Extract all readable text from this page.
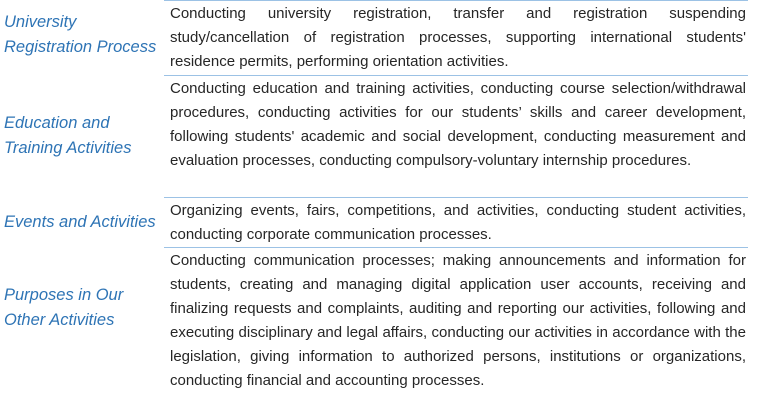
University Registration Process

Conducting university registration, transfer and registration suspending study/cancellation of registration processes, supporting international students' residence permits, performing orientation activities.

Education and Training Activities

Conducting education and training activities, conducting course selection/withdrawal procedures, conducting activities for our students’ skills and career development, following students' academic and social development, conducting measurement and evaluation processes, conducting compulsory-voluntary internship procedures.

Events and Activities

Organizing events, fairs, competitions, and activities, conducting student activities, conducting corporate communication processes.

Purposes in Our Other Activities

Conducting communication processes; making announcements and information for students, creating and managing digital application user accounts, receiving and finalizing requests and complaints, auditing and reporting our activities, following and executing disciplinary and legal affairs, conducting our activities in accordance with the legislation, giving information to authorized persons, institutions or organizations, conducting financial and accounting processes.
